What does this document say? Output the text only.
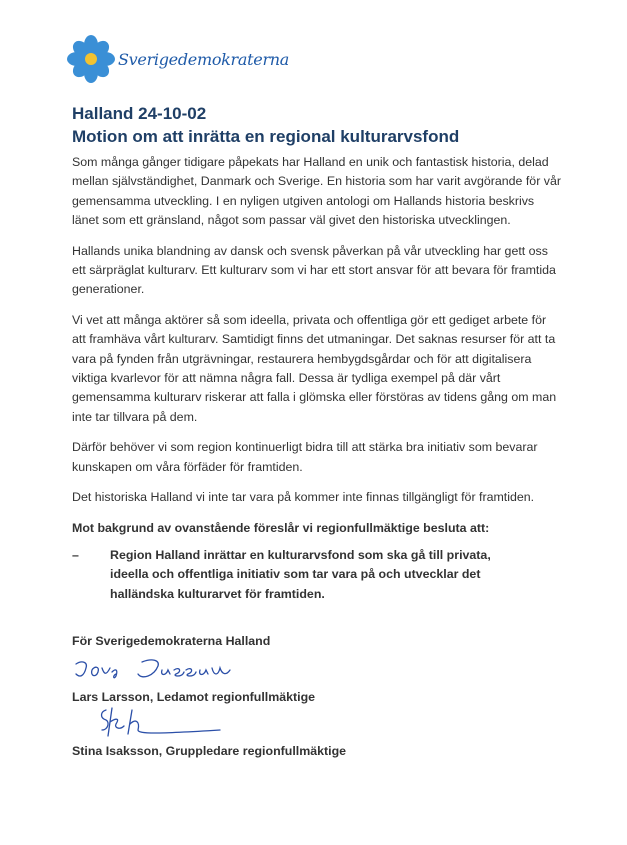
Sverigedemokraterna
Halland 24-10-02
Motion om att inrätta en regional kulturarvsfond

Som många gånger tidigare påpekats har Halland en unik och fantastisk historia, delad mellan självständighet, Danmark och Sverige. En historia som har varit avgörande för vår gemensamma utveckling. I en nyligen utgiven antologi om Hallands historia beskrivs länet som ett gränsland, något som passar väl givet den historiska utvecklingen.

Hallands unika blandning av dansk och svensk påverkan på vår utveckling har gett oss ett särpräglat kulturarv. Ett kulturarv som vi har ett stort ansvar för att bevara för framtida generationer.

Vi vet att många aktörer så som ideella, privata och offentliga gör ett gediget arbete för att framhäva vårt kulturarv. Samtidigt finns det utmaningar. Det saknas resurser för att ta vara på fynden från utgrävningar, restaurera hembygdsgårdar och för att digitalisera viktiga kvarlevor för att nämna några fall. Dessa är tydliga exempel på där vårt gemensamma kulturarv riskerar att falla i glömska eller förstöras av tidens gång om man inte tar tillvara på dem.

Därför behöver vi som region kontinuerligt bidra till att stärka bra initiativ som bevarar kunskapen om våra förfäder för framtiden.

Det historiska Halland vi inte tar vara på kommer inte finnas tillgängligt för framtiden.

Mot bakgrund av ovanstående föreslår vi regionfullmäktige besluta att:

–	Region Halland inrättar en kulturarvsfond som ska gå till privata, ideella och offentliga initiativ som tar vara på och utvecklar det halländska kulturarvet för framtiden.
För Sverigedemokraterna Halland
Lars Larsson, Ledamot regionfullmäktige
Stina Isaksson, Gruppledare regionfullmäktige
